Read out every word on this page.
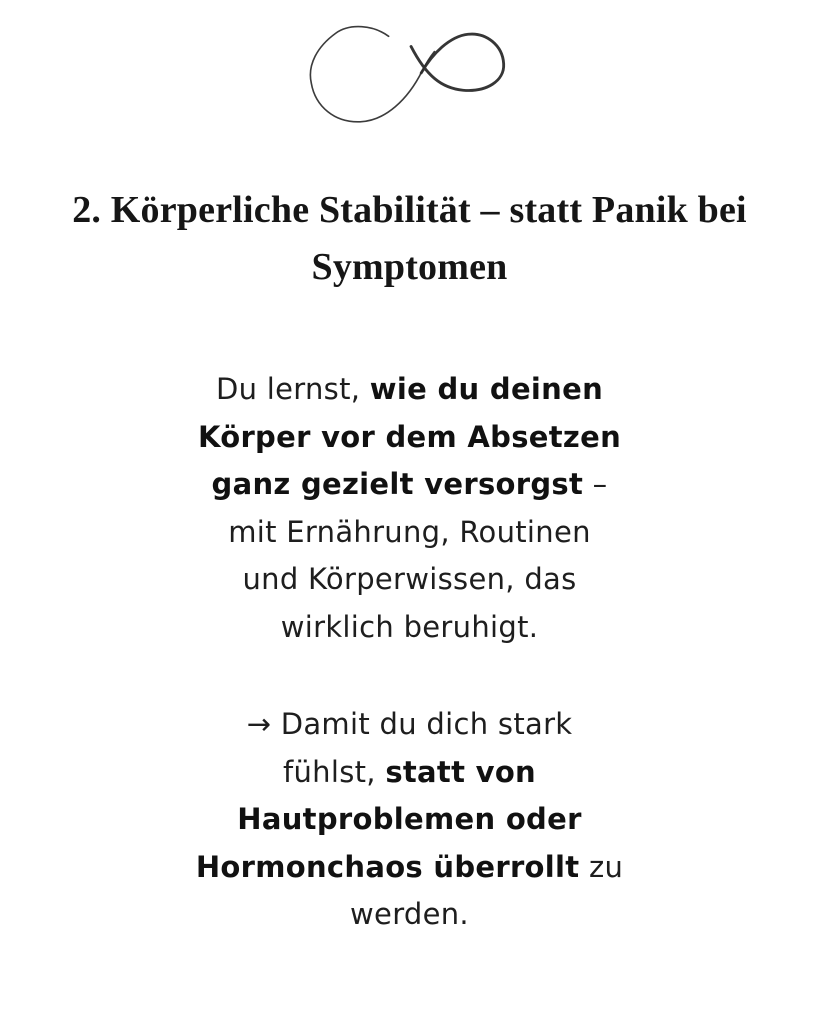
2. Körperliche Stabilität – statt Panik bei
Symptomen
Du lernst, wie du deinen
Körper vor dem Absetzen
ganz gezielt versorgst –
mit Ernährung, Routinen
und Körperwissen, das
wirklich beruhigt.
→ Damit du dich stark
fühlst, statt von
Hautproblemen oder
Hormonchaos überrollt zu
werden.
